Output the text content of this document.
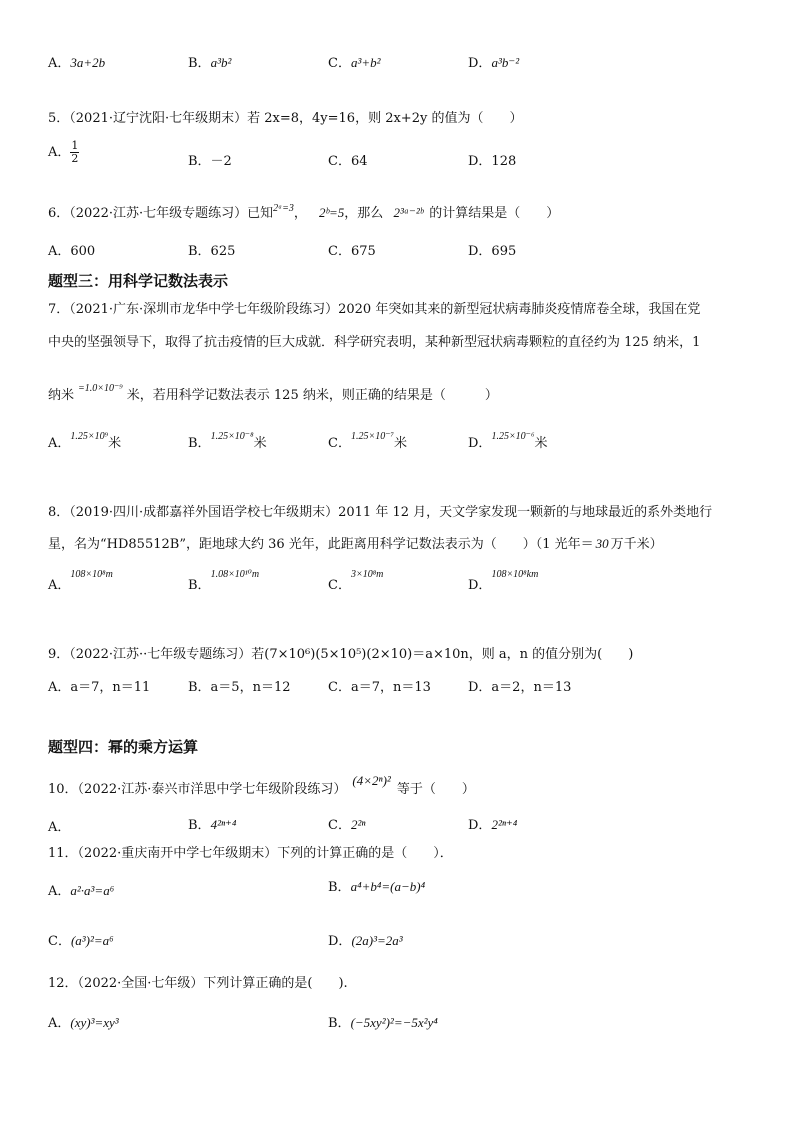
A．3a+2b	B．a³b²	C．a³+b²	D．a³b⁻²
5．（2021·辽宁沈阳·七年级期末）若 2x=8，4y=16，则 2x+2y 的值为（　　）
A． $\frac{1}{2}$	B．－2	C．64	D．128
6．（2022·江苏·七年级专题练习）已知$^{2ᵃ=3}$， 2ᵇ=5，那么 2³ᵃ⁻²ᵇ 的计算结果是（　　）
A．600	B．625	C．675	D．695
题型三：用科学记数法表示
7．（2021·广东·深圳市龙华中学七年级阶段练习）2020 年突如其来的新型冠状病毒肺炎疫情席卷全球，我国在党
中央的坚强领导下，取得了抗击疫情的巨大成就．科学研究表明，某种新型冠状病毒颗粒的直径约为 125 纳米，1
纳米 $^{=1.0\times 10^{-9}}$ 米，若用科学记数法表示 125 纳米，则正确的结果是（　　　）
A．1.25×10⁹米	B．1.25×10⁻⁸米	C．1.25×10⁻⁷米	D．1.25×10⁻⁶米
8．（2019·四川·成都嘉祥外国语学校七年级期末）2011 年 12 月，天文学家发现一颗新的与地球最近的系外类地行
星，名为“HD85512B”，距地球大约 36 光年，此距离用科学记数法表示为（　　）（1 光年＝ 30 万千米）
A．108×10⁸m
B．1.08×10¹⁰m
C．3×10⁸m
D．108×10⁸km
9．（2022·江苏··七年级专题练习）若(7×10⁶)(5×10⁵)(2×10)＝a×10n，则 a，n 的值分别为(　　)
A．a＝7，n＝11	B．a＝5，n＝12	C．a＝7，n＝13	D．a＝2，n＝13
题型四：幂的乘方运算
10．（2022·江苏·泰兴市洋思中学七年级阶段练习）(4×2ⁿ)²等于（　　）
A．	B．4²ⁿ⁺⁴	C．2²ⁿ	D．2²ⁿ⁺⁴
11．（2022·重庆南开中学七年级期末）下列的计算正确的是（　　）．
A．a²·a³=a⁶	B．a⁴+b⁴=(a−b)⁴
C．(a³)²=a⁶	D．(2a)³=2a³
12．（2022·全国·七年级）下列计算正确的是(　　).
A．(xy)³=xy³	B．(−5xy²)²=−5x²y⁴
